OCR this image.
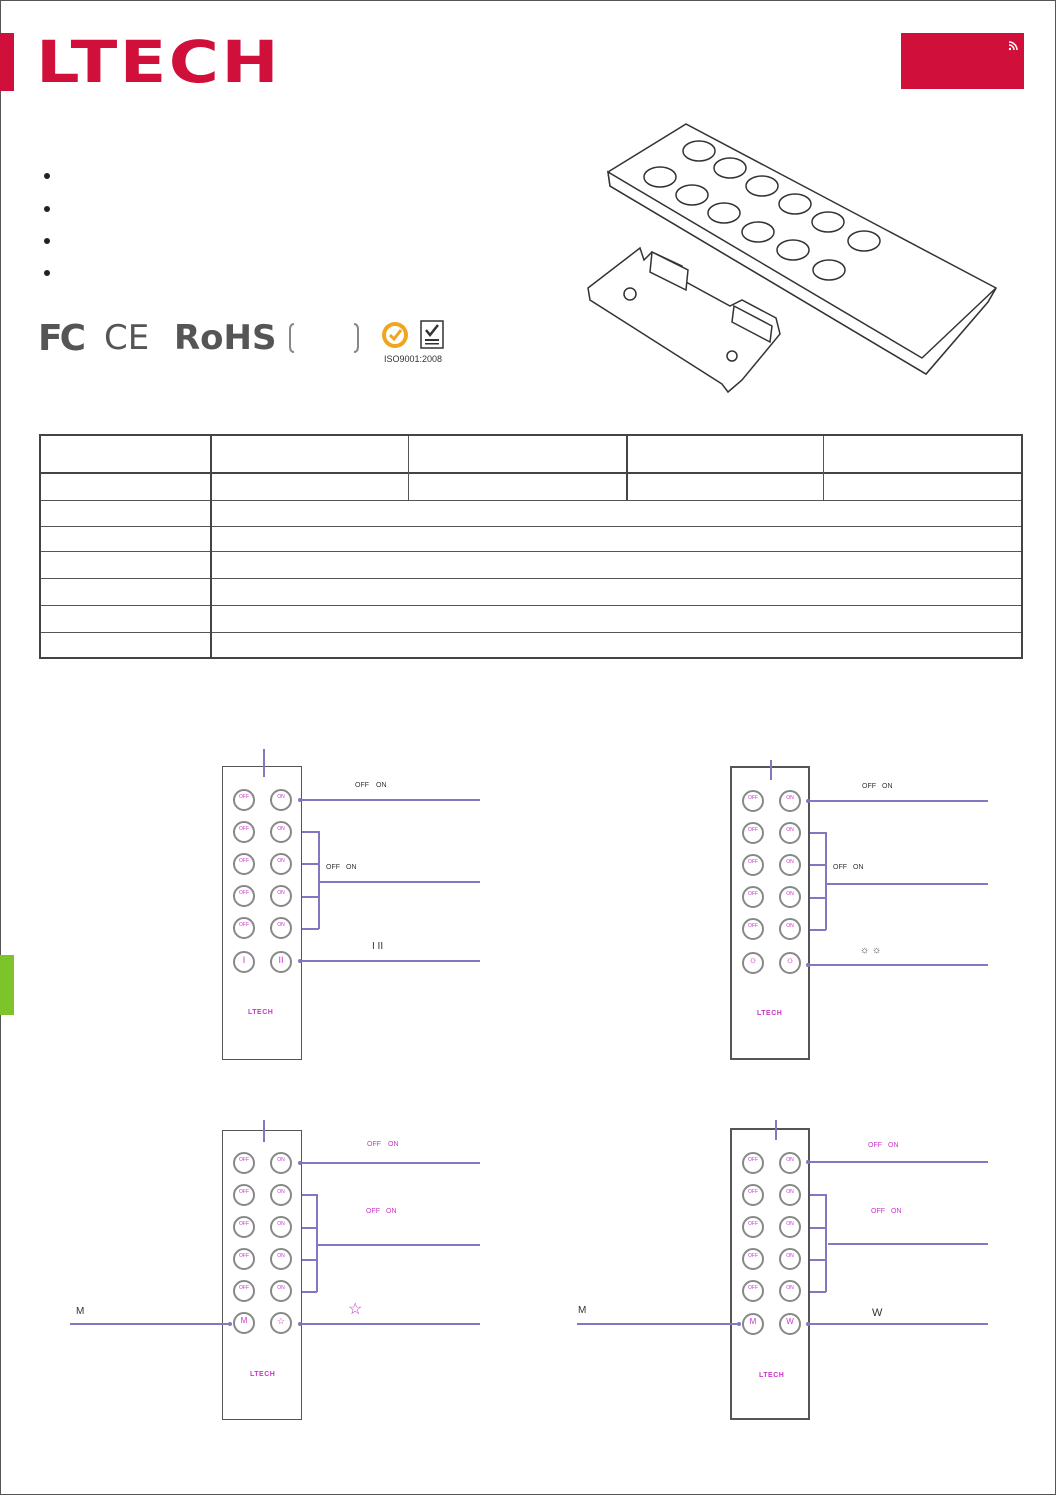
LTECH
FC CE RoHS
ISO9001:2008
OFF	ON
OFF	ON
OFF	ON
OFF	ON
OFF	ON
I	II
LTECH
OFF ON
OFF ON
I II
OFF	ON
OFF	ON
OFF	ON
OFF	ON
OFF	ON
☼	☼
LTECH
OFF ON
OFF ON
☼ ☼
OFF	ON
OFF	ON
OFF	ON
OFF	ON
OFF	ON
M	☆
LTECH
M
OFF ON
OFF ON
☆
OFF	ON
OFF	ON
OFF	ON
OFF	ON
OFF	ON
M	W
LTECH
M
OFF ON
OFF ON
W
